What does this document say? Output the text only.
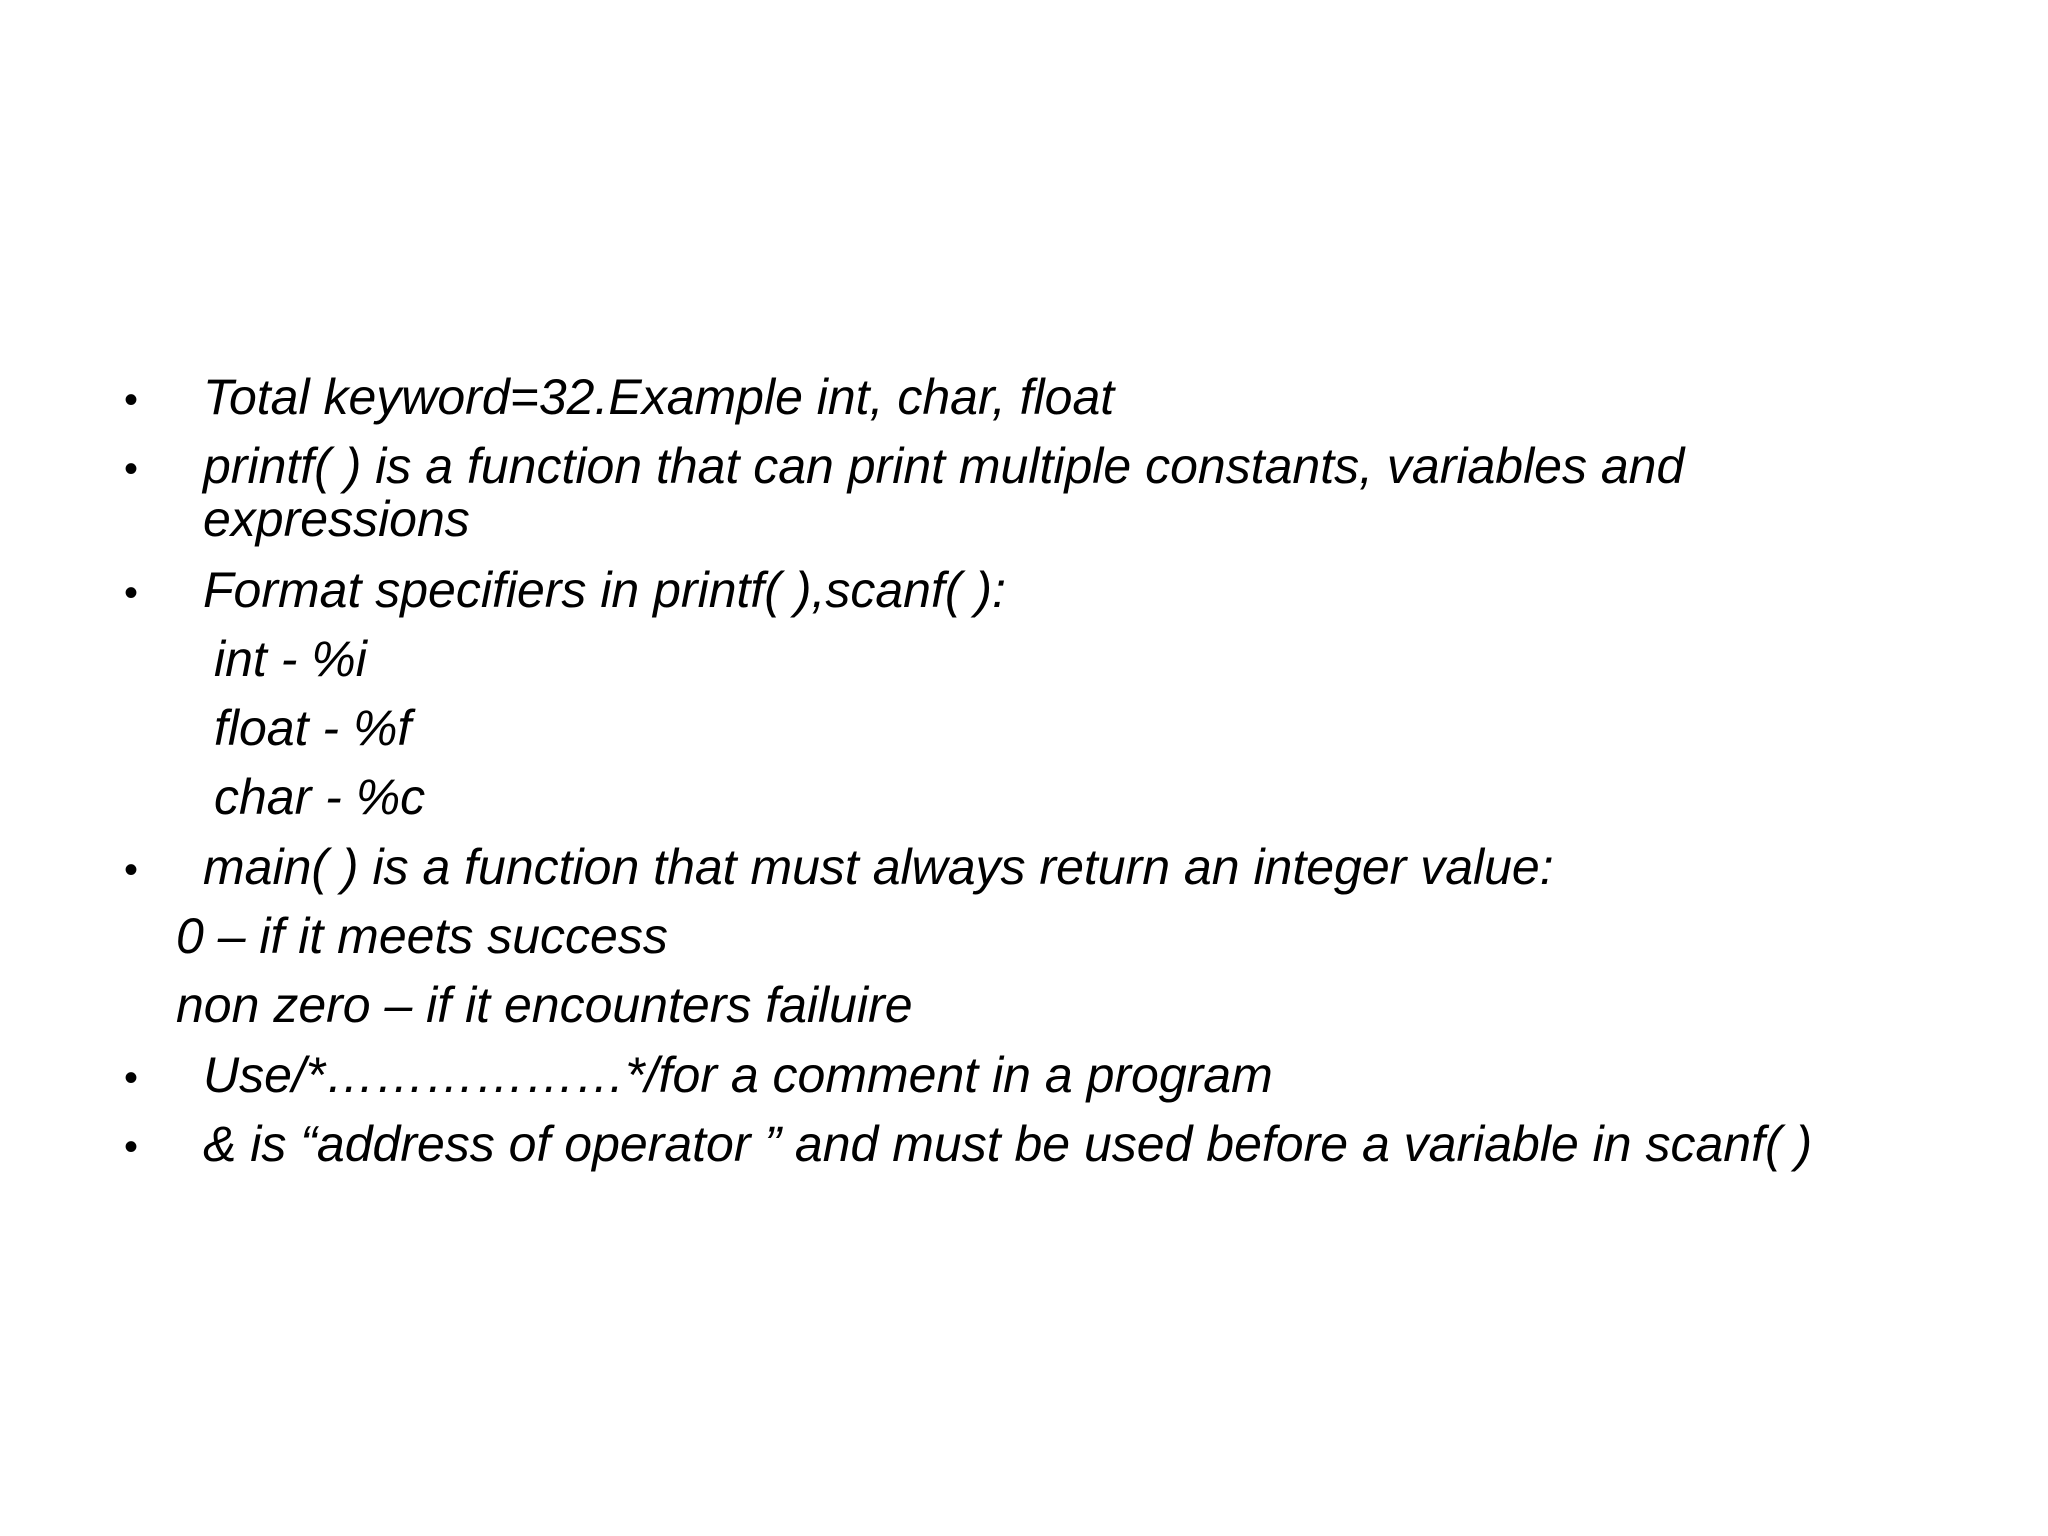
• Total keyword=32.Example int, char, float
• printf( ) is a function that can print multiple constants, variables and
expressions
• Format specifiers in printf( ),scanf( ):
int - %i
float - %f
char - %c
• main( ) is a function that must always return an integer value:
0 – if it meets success
non zero – if it encounters failuire
• Use/*………………*/for a comment in a program
• & is “address of operator ” and must be used before a variable in scanf( )
